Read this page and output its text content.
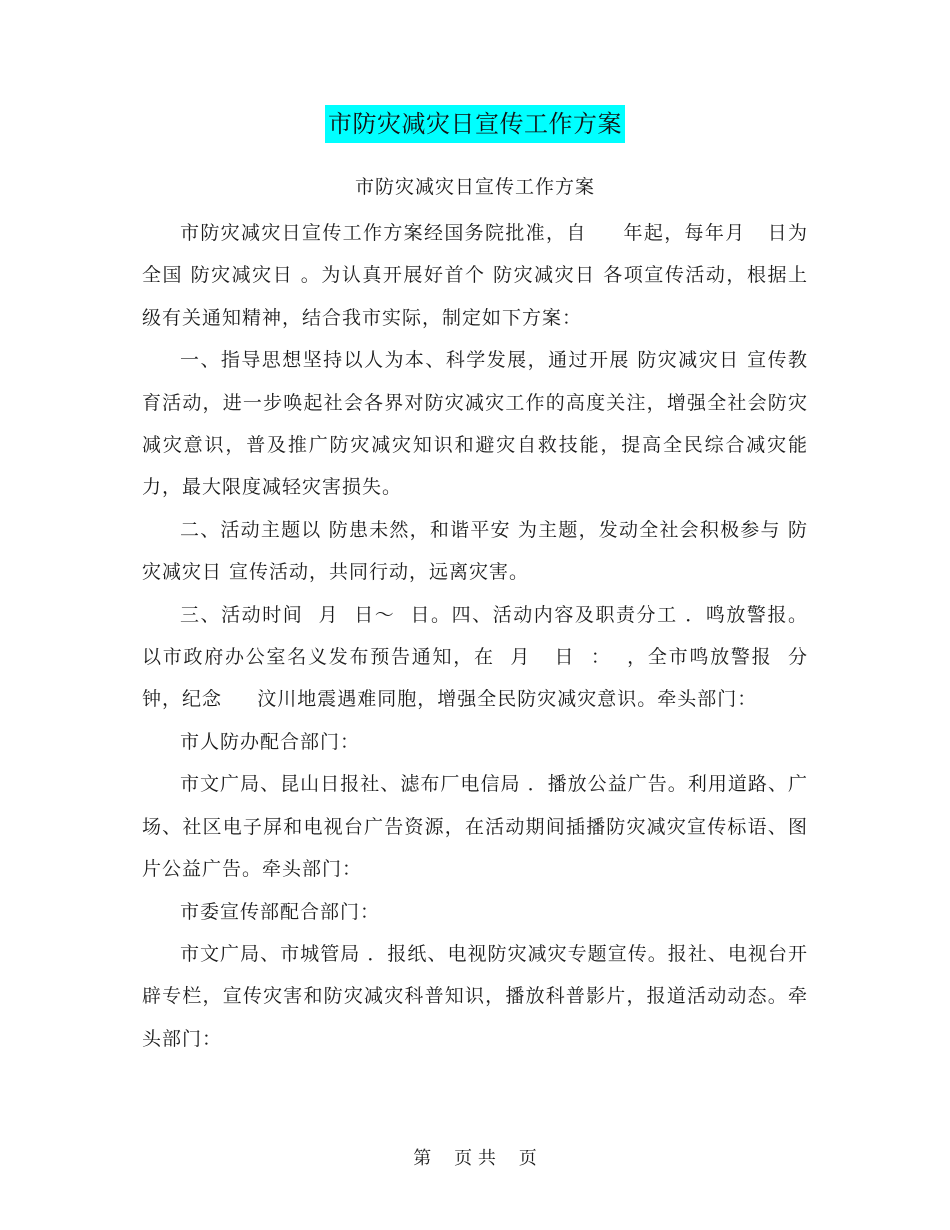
市防灾减灾日宣传工作方案
市防灾减灾日宣传工作方案

市防灾减灾日宣传工作方案经国务院批准，自     年起，每年月   日为全国 防灾减灾日 。为认真开展好首个 防灾减灾日 各项宣传活动，根据上级有关通知精神，结合我市实际，制定如下方案：

一、指导思想坚持以人为本、科学发展，通过开展 防灾减灾日 宣传教育活动，进一步唤起社会各界对防灾减灾工作的高度关注，增强全社会防灾减灾意识，普及推广防灾减灾知识和避灾自救技能，提高全民综合减灾能力，最大限度减轻灾害损失。

二、活动主题以 防患未然，和谐平安 为主题，发动全社会积极参与 防灾减灾日 宣传活动，共同行动，远离灾害。

三、活动时间  月  日～  日。四、活动内容及职责分工 ．鸣放警报。以市政府办公室名义发布预告通知，在  月   日  ：  ，全市鸣放警报  分钟，纪念     汶川地震遇难同胞，增强全民防灾减灾意识。牵头部门：

市人防办配合部门：

市文广局、昆山日报社、滤布厂电信局 ．播放公益广告。利用道路、广场、社区电子屏和电视台广告资源，在活动期间插播防灾减灾宣传标语、图片公益广告。牵头部门：

市委宣传部配合部门：

市文广局、市城管局 ．报纸、电视防灾减灾专题宣传。报社、电视台开辟专栏，宣传灾害和防灾减灾科普知识，播放科普影片，报道活动动态。牵头部门：

第    页 共    页
